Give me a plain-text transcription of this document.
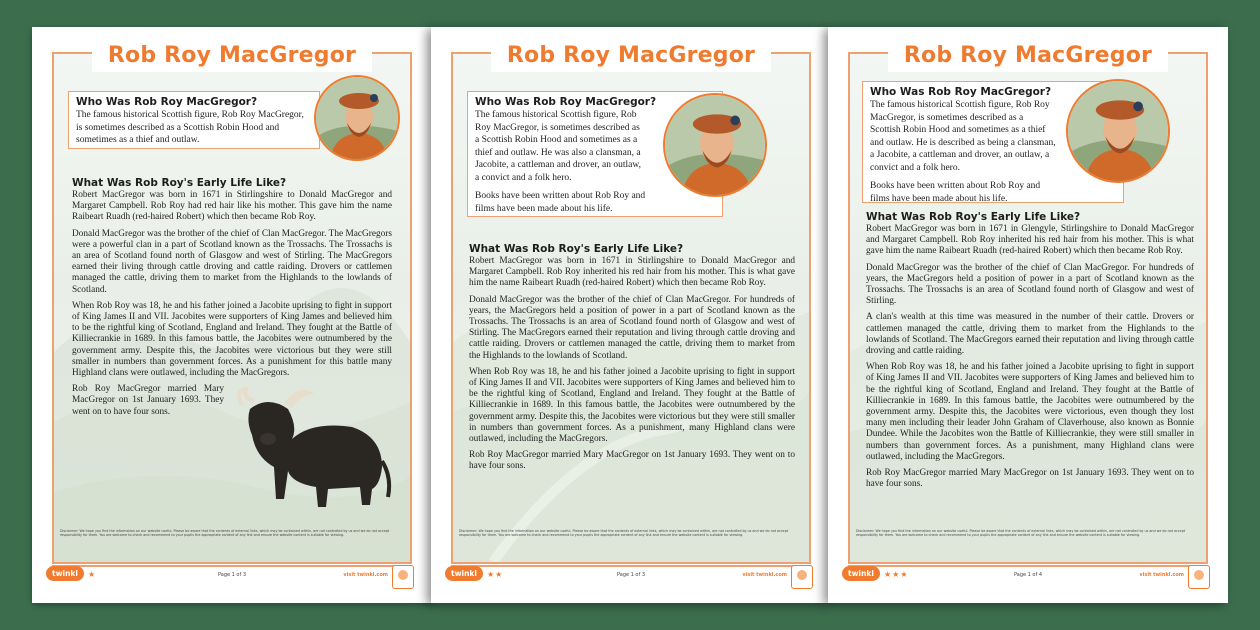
Rob Roy MacGregor
Who Was Rob Roy MacGregor?

The famous historical Scottish figure, Rob Roy MacGregor, is sometimes described as a Scottish Robin Hood and sometimes as a thief and outlaw.

What Was Rob Roy's Early Life Like?

Robert MacGregor was born in 1671 in Stirlingshire to Donald MacGregor and Margaret Campbell. Rob Roy had red hair like his mother. This gave him the name Raibeart Ruadh (red-haired Robert) which then became Rob Roy.

Donald MacGregor was the brother of the chief of Clan MacGregor. The MacGregors were a powerful clan in a part of Scotland known as the Trossachs. The Trossachs is an area of Scotland found north of Glasgow and west of Stirling. The MacGregors earned their living through cattle droving and cattle raiding. Drovers or cattlemen managed the cattle, driving them to market from the Highlands to the lowlands of Scotland.

When Rob Roy was 18, he and his father joined a Jacobite uprising to fight in support of King James II and VII. Jacobites were supporters of King James and believed him to be the rightful king of Scotland, England and Ireland. They fought at the Battle of Killiecrankie in 1689. In this famous battle, the Jacobites were outnumbered by the government army. Despite this, the Jacobites were victorious but they were still smaller in numbers than government forces. As a punishment for this battle many Highland clans were outlawed, including the MacGregors.

Rob Roy MacGregor married Mary MacGregor on 1st January 1693. They went on to have four sons.

Disclaimer: We hope you find the information on our website useful. Please be aware that the contents of external links, which may be contained within, are not controlled by us and we do not accept responsibility for them. You are welcome to check and recommend to your pupils the appropriate content of any link and ensure the website content is suitable for viewing.
twinkl	★	Page 1 of 3	visit twinkl.com
Rob Roy MacGregor
Who Was Rob Roy MacGregor?

The famous historical Scottish figure, Rob Roy MacGregor, is sometimes described as a Scottish Robin Hood and sometimes as a thief and outlaw. He was also a clansman, a Jacobite, a cattleman and drover, an outlaw, a convict and a folk hero.

Books have been written about Rob Roy and films have been made about his life.

What Was Rob Roy's Early Life Like?

Robert MacGregor was born in 1671 in Stirlingshire to Donald MacGregor and Margaret Campbell. Rob Roy inherited his red hair from his mother. This is what gave him the name Raibeart Ruadh (red-haired Robert) which then became Rob Roy.

Donald MacGregor was the brother of the chief of Clan MacGregor. For hundreds of years, the MacGregors held a position of power in a part of Scotland known as the Trossachs. The Trossachs is an area of Scotland found north of Glasgow and west of Stirling. The MacGregors earned their reputation and living through cattle droving and cattle raiding. Drovers or cattlemen managed the cattle, driving them to market from the Highlands to the lowlands of Scotland.

When Rob Roy was 18, he and his father joined a Jacobite uprising to fight in support of King James II and VII. Jacobites were supporters of King James and believed him to be the rightful king of Scotland, England and Ireland. They fought at the Battle of Killiecrankie in 1689. In this famous battle, the Jacobites were outnumbered by the government army. Despite this, the Jacobites were victorious but they were still smaller in numbers than government forces. As a punishment, many Highland clans were outlawed, including the MacGregors.

Rob Roy MacGregor married Mary MacGregor on 1st January 1693. They went on to have four sons.

Disclaimer: We hope you find the information on our website useful. Please be aware that the contents of external links, which may be contained within, are not controlled by us and we do not accept responsibility for them. You are welcome to check and recommend to your pupils the appropriate content of any link and ensure the website content is suitable for viewing.
twinkl	★★	Page 1 of 3	visit twinkl.com
Rob Roy MacGregor
Who Was Rob Roy MacGregor?

The famous historical Scottish figure, Rob Roy MacGregor, is sometimes described as a Scottish Robin Hood and sometimes as a thief and outlaw. He is described as being a clansman, a Jacobite, a cattleman and drover, an outlaw, a convict and a folk hero.

Books have been written about Rob Roy and films have been made about his life.

What Was Rob Roy's Early Life Like?

Robert MacGregor was born in 1671 in Glengyle, Stirlingshire to Donald MacGregor and Margaret Campbell. Rob Roy inherited his red hair from his mother. This is what gave him the name Raibeart Ruadh (red-haired Robert) which then became Rob Roy.

Donald MacGregor was the brother of the chief of Clan MacGregor. For hundreds of years, the MacGregors held a position of power in a part of Scotland known as the Trossachs. The Trossachs is an area of Scotland found north of Glasgow and west of Stirling.

A clan's wealth at this time was measured in the number of their cattle. Drovers or cattlemen managed the cattle, driving them to market from the Highlands to the lowlands of Scotland. The MacGregors earned their reputation and living through cattle droving and cattle raiding.

When Rob Roy was 18, he and his father joined a Jacobite uprising to fight in support of King James II and VII. Jacobites were supporters of King James and believed him to be the rightful king of Scotland, England and Ireland. They fought at the Battle of Killiecrankie in 1689. In this famous battle, the Jacobites were outnumbered by the government army. Despite this, the Jacobites were victorious, even though they lost many men including their leader John Graham of Claverhouse, also known as Bonnie Dundee. While the Jacobites won the Battle of Killiecrankie, they were still smaller in numbers than government forces. As a punishment, many Highland clans were outlawed, including the MacGregors.

Rob Roy MacGregor married Mary MacGregor on 1st January 1693. They went on to have four sons.

Disclaimer: We hope you find the information on our website useful. Please be aware that the contents of external links, which may be contained within, are not controlled by us and we do not accept responsibility for them. You are welcome to check and recommend to your pupils the appropriate content of any link and ensure the website content is suitable for viewing.
twinkl	★★★	Page 1 of 4	visit twinkl.com
